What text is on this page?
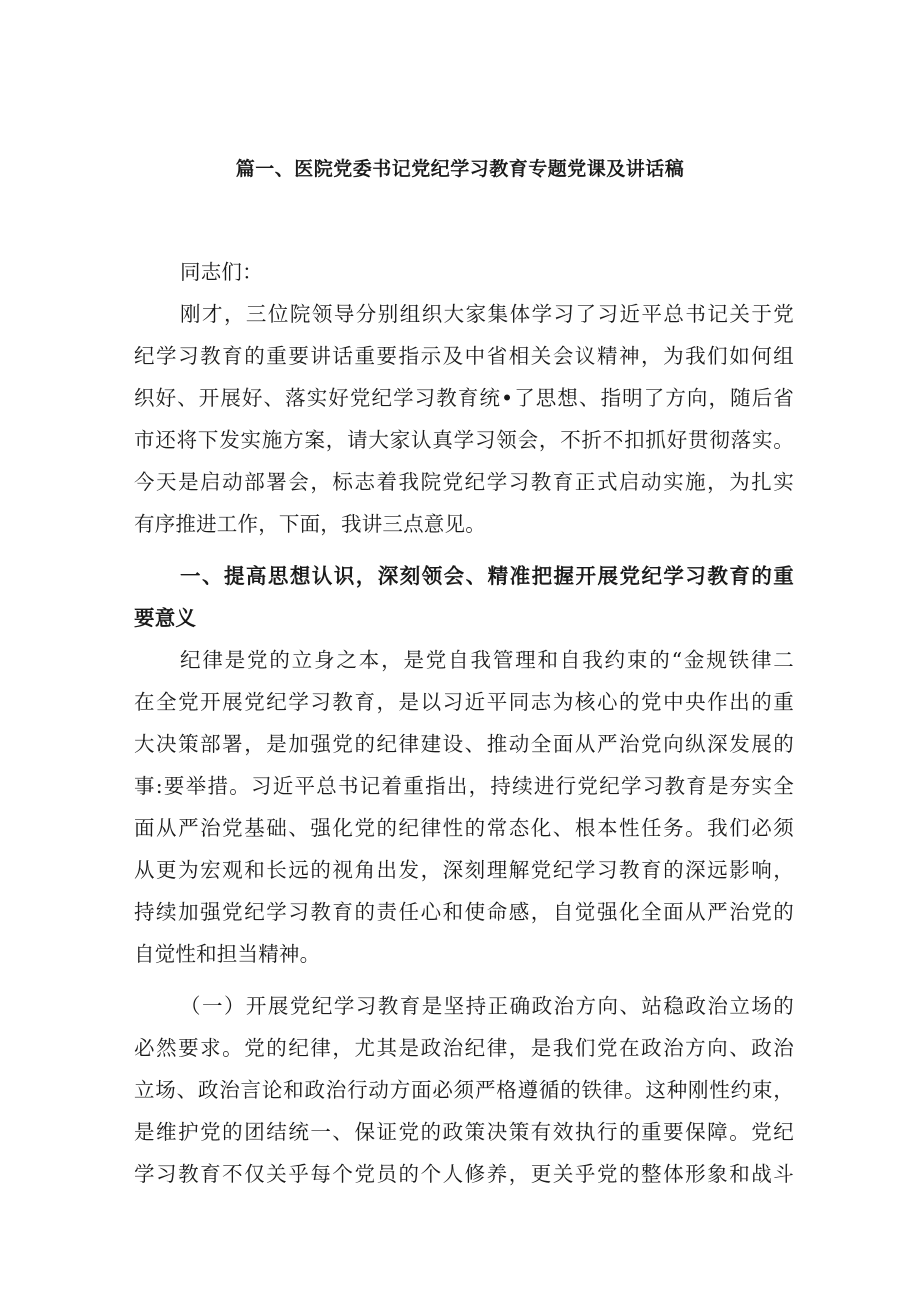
篇一、医院党委书记党纪学习教育专题党课及讲话稿
同志们：
刚才，三位院领导分别组织大家集体学习了习近平总书记关于党
纪学习教育的重要讲话重要指示及中省相关会议精神，为我们如何组
织好、开展好、落实好党纪学习教育统•了思想、指明了方向，随后省
市还将下发实施方案，请大家认真学习领会，不折不扣抓好贯彻落实。
今天是启动部署会，标志着我院党纪学习教育正式启动实施，为扎实
有序推进工作，下面，我讲三点意见。
一、提高思想认识，深刻领会、精准把握开展党纪学习教育的重
要意义
纪律是党的立身之本，是党自我管理和自我约束的“金规铁律二
在全党开展党纪学习教育，是以习近平同志为核心的党中央作出的重
大决策部署，是加强党的纪律建设、推动全面从严治党向纵深发展的
事:要举措。习近平总书记着重指出，持续进行党纪学习教育是夯实全
面从严治党基础、强化党的纪律性的常态化、根本性任务。我们必须
从更为宏观和长远的视角出发，深刻理解党纪学习教育的深远影响，
持续加强党纪学习教育的责任心和使命感，自觉强化全面从严治党的
自觉性和担当精神。
（一）开展党纪学习教育是坚持正确政治方向、站稳政治立场的
必然要求。党的纪律，尤其是政治纪律，是我们党在政治方向、政治
立场、政治言论和政治行动方面必须严格遵循的铁律。这种刚性约束，
是维护党的团结统一、保证党的政策决策有效执行的重要保障。党纪
学习教育不仅关乎每个党员的个人修养，更关乎党的整体形象和战斗
